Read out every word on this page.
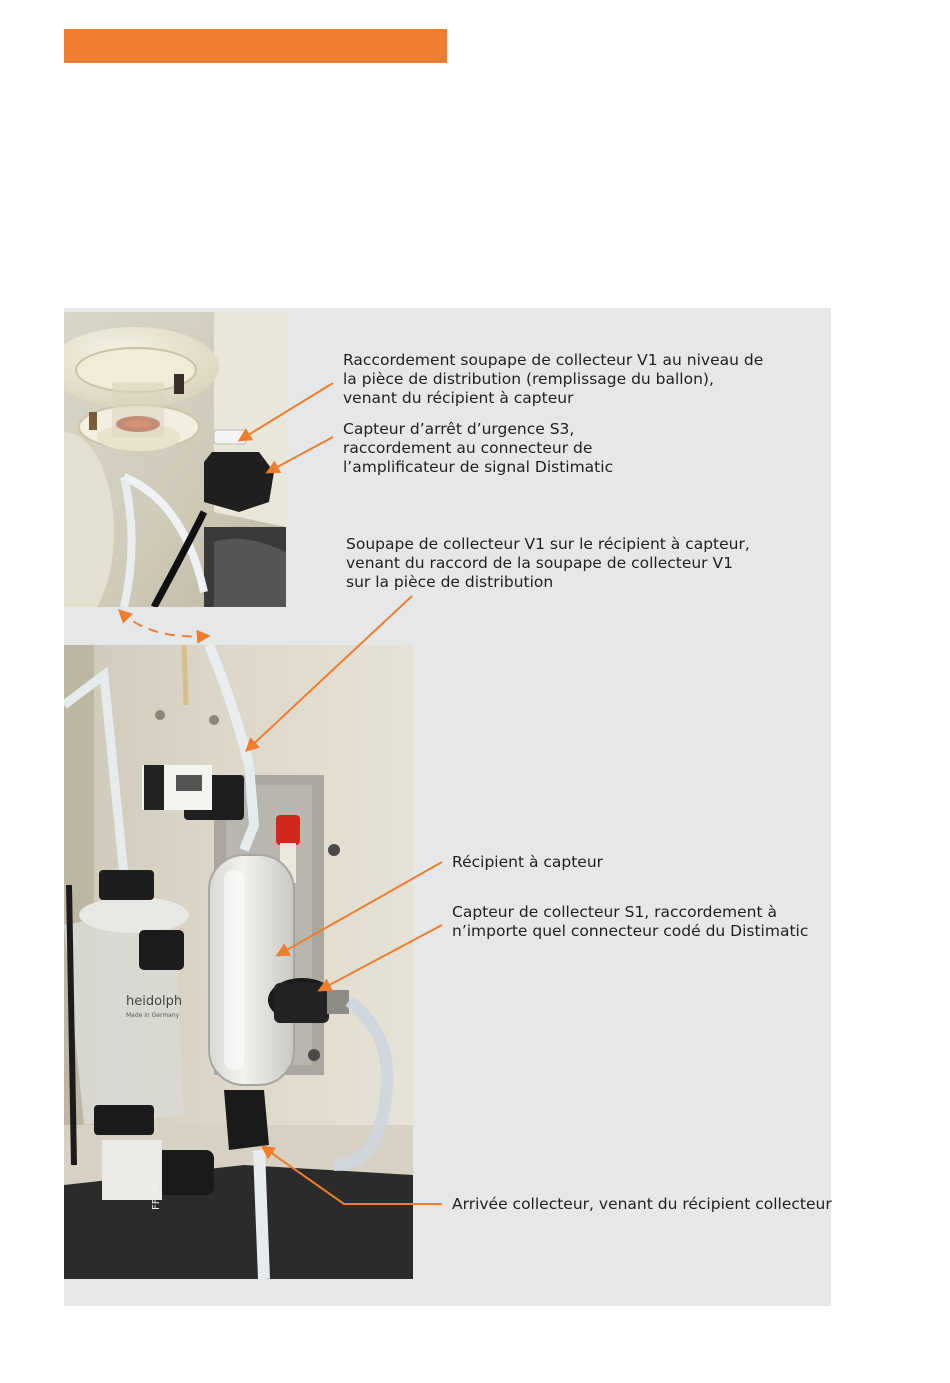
heidolph
Made in Germany
FFKM

Raccordement soupape de collecteur V1 au niveau de
la pièce de distribution (remplissage du ballon),
venant du récipient à capteur

Capteur d’arrêt d’urgence S3,
raccordement au connecteur de
l’amplificateur de signal Distimatic

Soupape de collecteur V1 sur le récipient à capteur,
venant du raccord de la soupape de collecteur V1
sur la pièce de distribution

Récipient à capteur

Capteur de collecteur S1, raccordement à
n’importe quel connecteur codé du Distimatic

Arrivée collecteur, venant du récipient collecteur
